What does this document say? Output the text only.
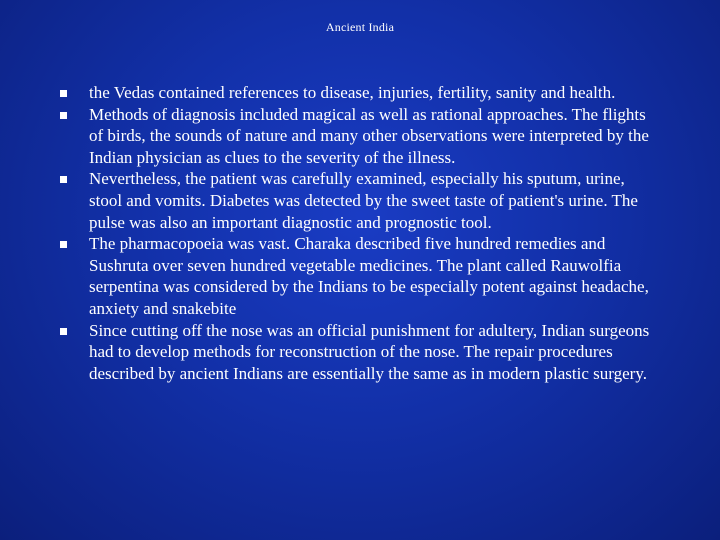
Ancient India
the Vedas contained references to disease, injuries, fertility, sanity and health.
Methods of diagnosis included magical as well as rational approaches. The flights of birds, the sounds of nature and many other observations were interpreted by the Indian physician as clues to the severity of the illness.
Nevertheless, the patient was carefully examined, especially his sputum, urine, stool and vomits. Diabetes was detected by the sweet taste of patient's urine. The pulse was also an important diagnostic and prognostic tool.
The pharmacopoeia was vast. Charaka described five hundred remedies and Sushruta over seven hundred vegetable medicines. The plant called Rauwolfia serpentina was considered by the Indians to be especially potent against headache, anxiety and snakebite
Since cutting off the nose was an official punishment for adultery, Indian surgeons had to develop methods for reconstruction of the nose. The repair procedures described by ancient Indians are essentially the same as in modern plastic surgery.
